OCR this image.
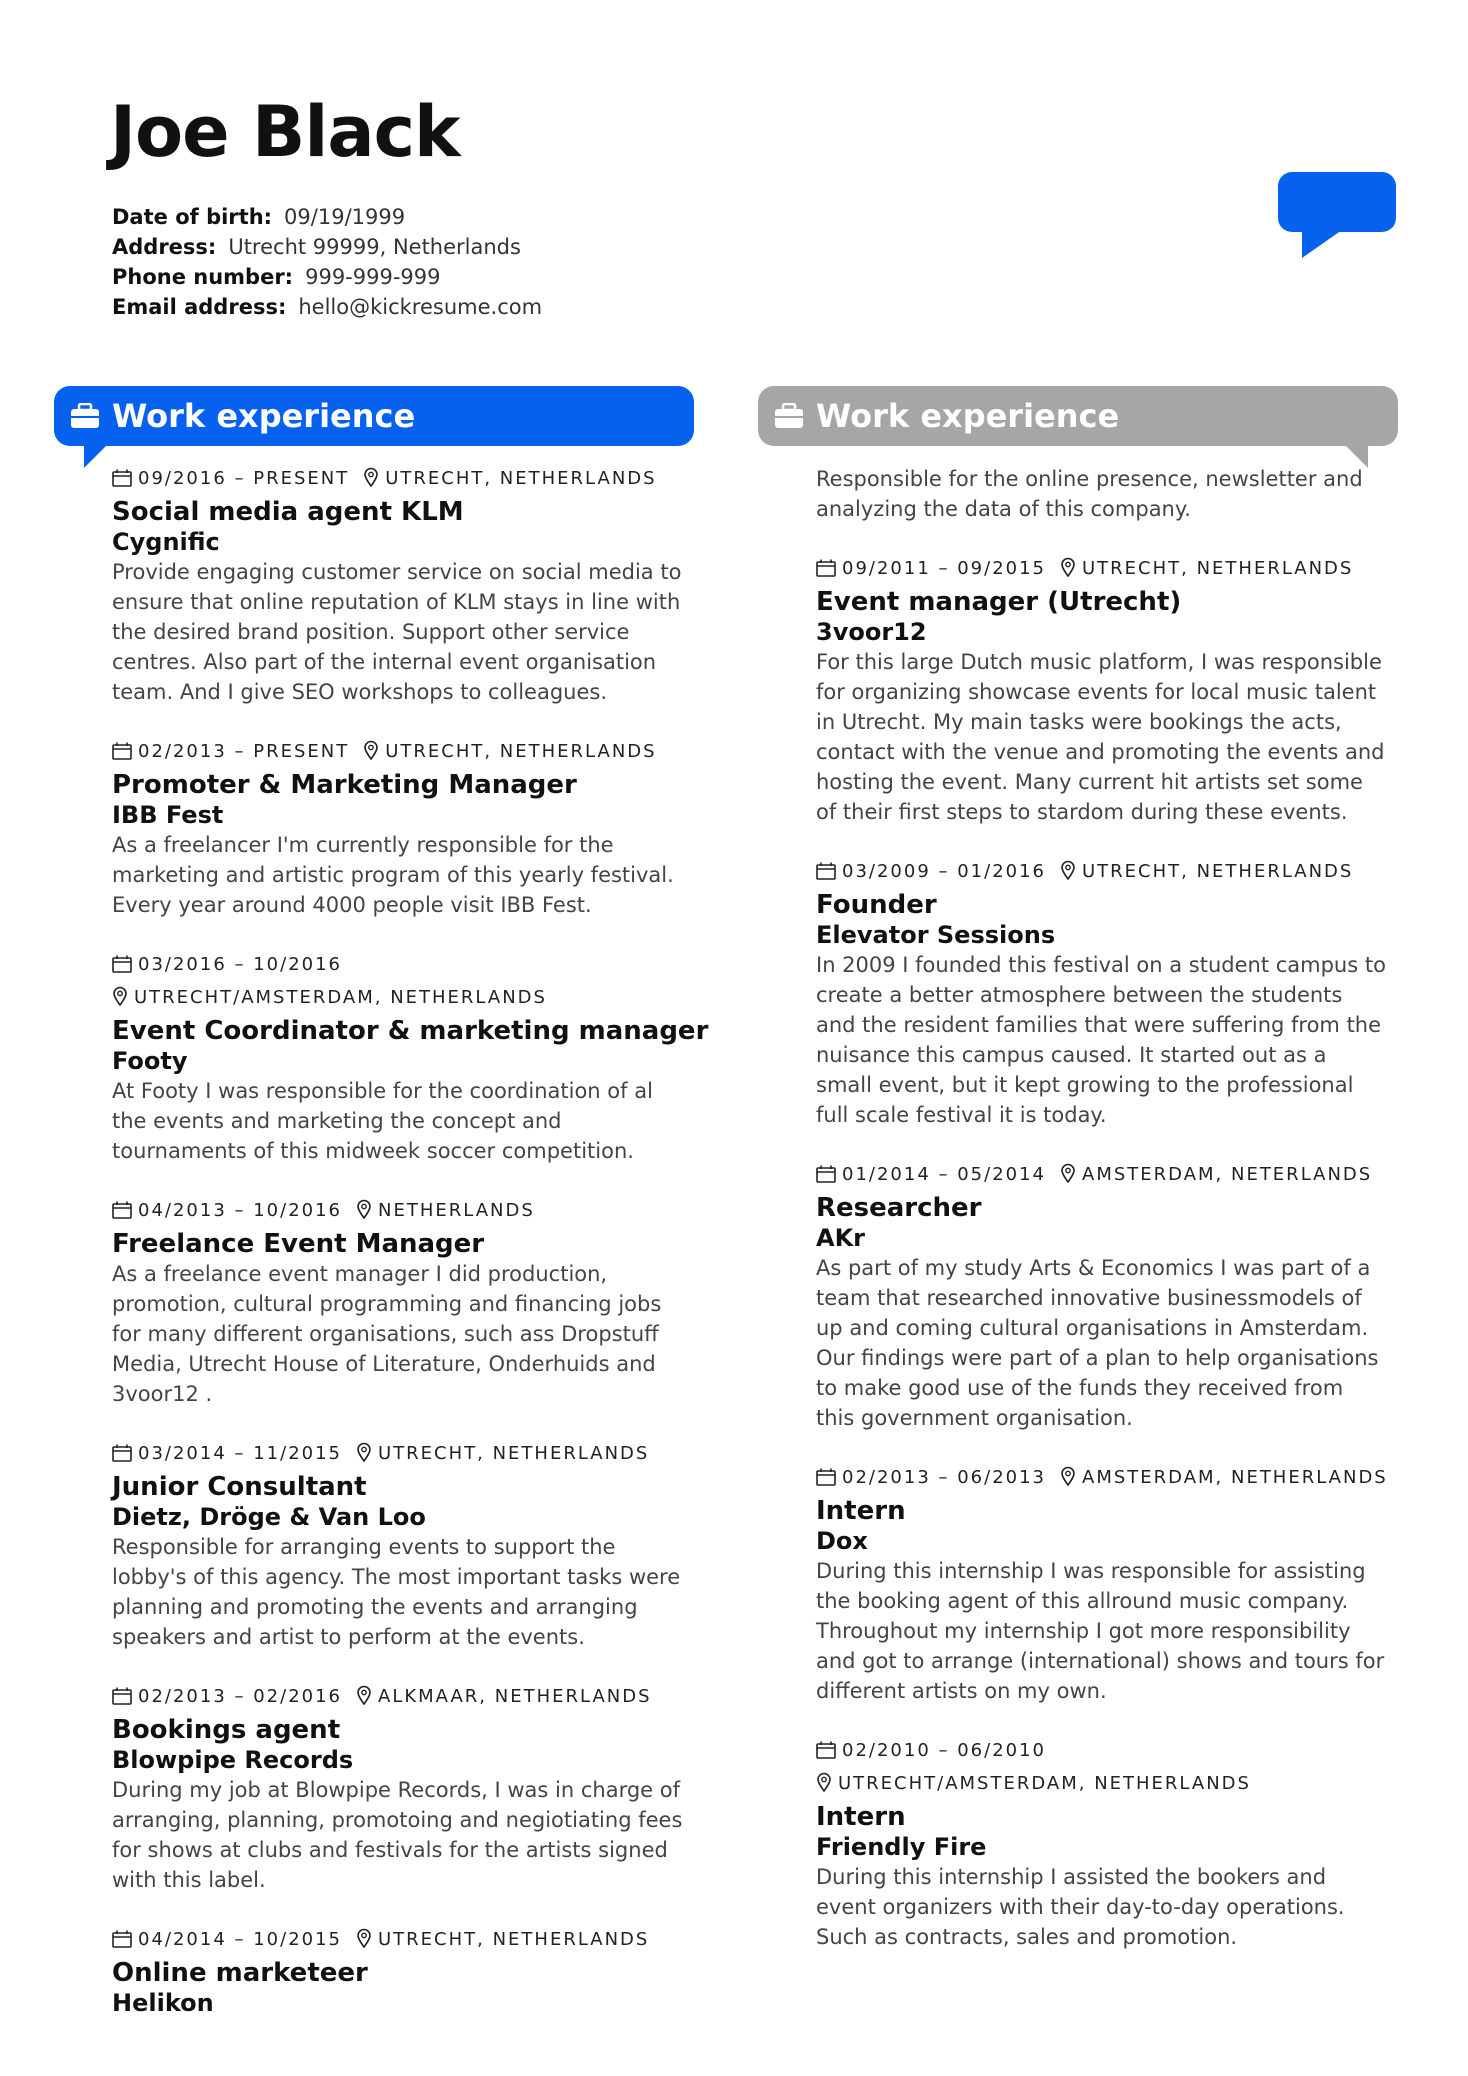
Joe Black
Date of birth: 09/19/1999
Address: Utrecht 99999, Netherlands
Phone number: 999-999-999
Email address: hello@kickresume.com
Work experience
09/2016 – PRESENT UTRECHT, NETHERLANDS
Social media agent KLM
Cygnific
Provide engaging customer service on social media to ensure that online reputation of KLM stays in line with the desired brand position. Support other service centres. Also part of the internal event organisation team. And I give SEO workshops to colleagues.
02/2013 – PRESENT UTRECHT, NETHERLANDS
Promoter & Marketing Manager
IBB Fest
As a freelancer I'm currently responsible for the marketing and artistic program of this yearly festival. Every year around 4000 people visit IBB Fest.
03/2016 – 10/2016
UTRECHT/AMSTERDAM, NETHERLANDS
Event Coordinator & marketing manager
Footy
At Footy I was responsible for the coordination of al the events and marketing the concept and tournaments of this midweek soccer competition.
04/2013 – 10/2016 NETHERLANDS
Freelance Event Manager
As a freelance event manager I did production, promotion, cultural programming and financing jobs for many different organisations, such ass Dropstuff Media, Utrecht House of Literature, Onderhuids and 3voor12 .
03/2014 – 11/2015 UTRECHT, NETHERLANDS
Junior Consultant
Dietz, Dröge & Van Loo
Responsible for arranging events to support the lobby's of this agency. The most important tasks were planning and promoting the events and arranging speakers and artist to perform at the events.
02/2013 – 02/2016 ALKMAAR, NETHERLANDS
Bookings agent
Blowpipe Records
During my job at Blowpipe Records, I was in charge of arranging, planning, promotoing and negiotiating fees for shows at clubs and festivals for the artists signed with this label.
04/2014 – 10/2015 UTRECHT, NETHERLANDS
Online marketeer
Helikon
Work experience
Responsible for the online presence, newsletter and analyzing the data of this company.
09/2011 – 09/2015 UTRECHT, NETHERLANDS
Event manager (Utrecht)
3voor12
For this large Dutch music platform, I was responsible for organizing showcase events for local music talent in Utrecht. My main tasks were bookings the acts, contact with the venue and promoting the events and hosting the event. Many current hit artists set some of their first steps to stardom during these events.
03/2009 – 01/2016 UTRECHT, NETHERLANDS
Founder
Elevator Sessions
In 2009 I founded this festival on a student campus to create a better atmosphere between the students and the resident families that were suffering from the nuisance this campus caused. It started out as a small event, but it kept growing to the professional full scale festival it is today.
01/2014 – 05/2014 AMSTERDAM, NETERLANDS
Researcher
AKr
As part of my study Arts & Economics I was part of a team that researched innovative businessmodels of up and coming cultural organisations in Amsterdam. Our findings were part of a plan to help organisations to make good use of the funds they received from this government organisation.
02/2013 – 06/2013 AMSTERDAM, NETHERLANDS
Intern
Dox
During this internship I was responsible for assisting the booking agent of this allround music company. Throughout my internship I got more responsibility and got to arrange (international) shows and tours for different artists on my own.
02/2010 – 06/2010
UTRECHT/AMSTERDAM, NETHERLANDS
Intern
Friendly Fire
During this internship I assisted the bookers and event organizers with their day-to-day operations. Such as contracts, sales and promotion.
